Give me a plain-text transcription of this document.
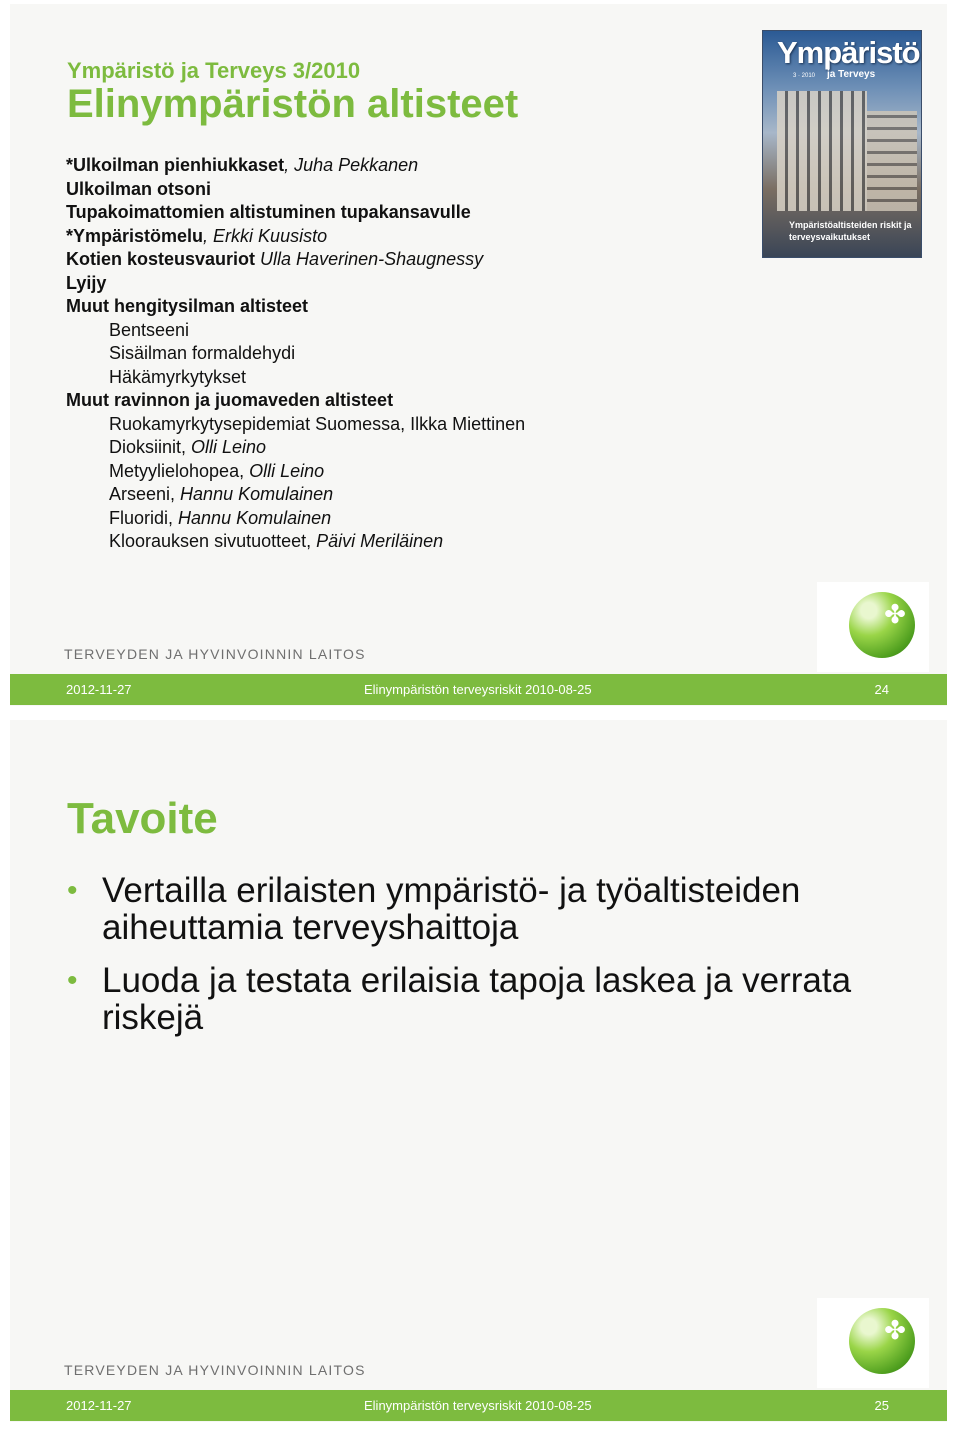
Ympäristö ja Terveys 3/2010
Elinympäristön altisteet
*Ulkoilman pienhiukkaset, Juha Pekkanen
Ulkoilman otsoni
Tupakoimattomien altistuminen tupakansavulle
*Ympäristömelu, Erkki Kuusisto
Kotien kosteusvauriot Ulla Haverinen-Shaugnessy
Lyijy
Muut hengitysilman altisteet
Bentseeni
Sisäilman formaldehydi
Häkämyrkytykset
Muut ravinnon ja juomaveden altisteet
Ruokamyrkytysepidemiat Suomessa, Ilkka Miettinen
Dioksiinit, Olli Leino
Metyylielohopea, Olli Leino
Arseeni, Hannu Komulainen
Fluoridi, Hannu Komulainen
Kloorauksen sivutuotteet, Päivi Meriläinen
Ympäristö
ja Terveys
3 · 2010
Ympäristöaltisteiden riskit ja terveysvaikutukset
TERVEYDEN JA HYVINVOINNIN LAITOS
✤
2012-11-27	Elinympäristön terveysriskit 2010-08-25	24
Tavoite
• Vertailla erilaisten ympäristö- ja työaltisteiden aiheuttamia terveyshaittoja
• Luoda ja testata erilaisia tapoja laskea ja verrata riskejä
TERVEYDEN JA HYVINVOINNIN LAITOS
✤
2012-11-27	Elinympäristön terveysriskit 2010-08-25	25
